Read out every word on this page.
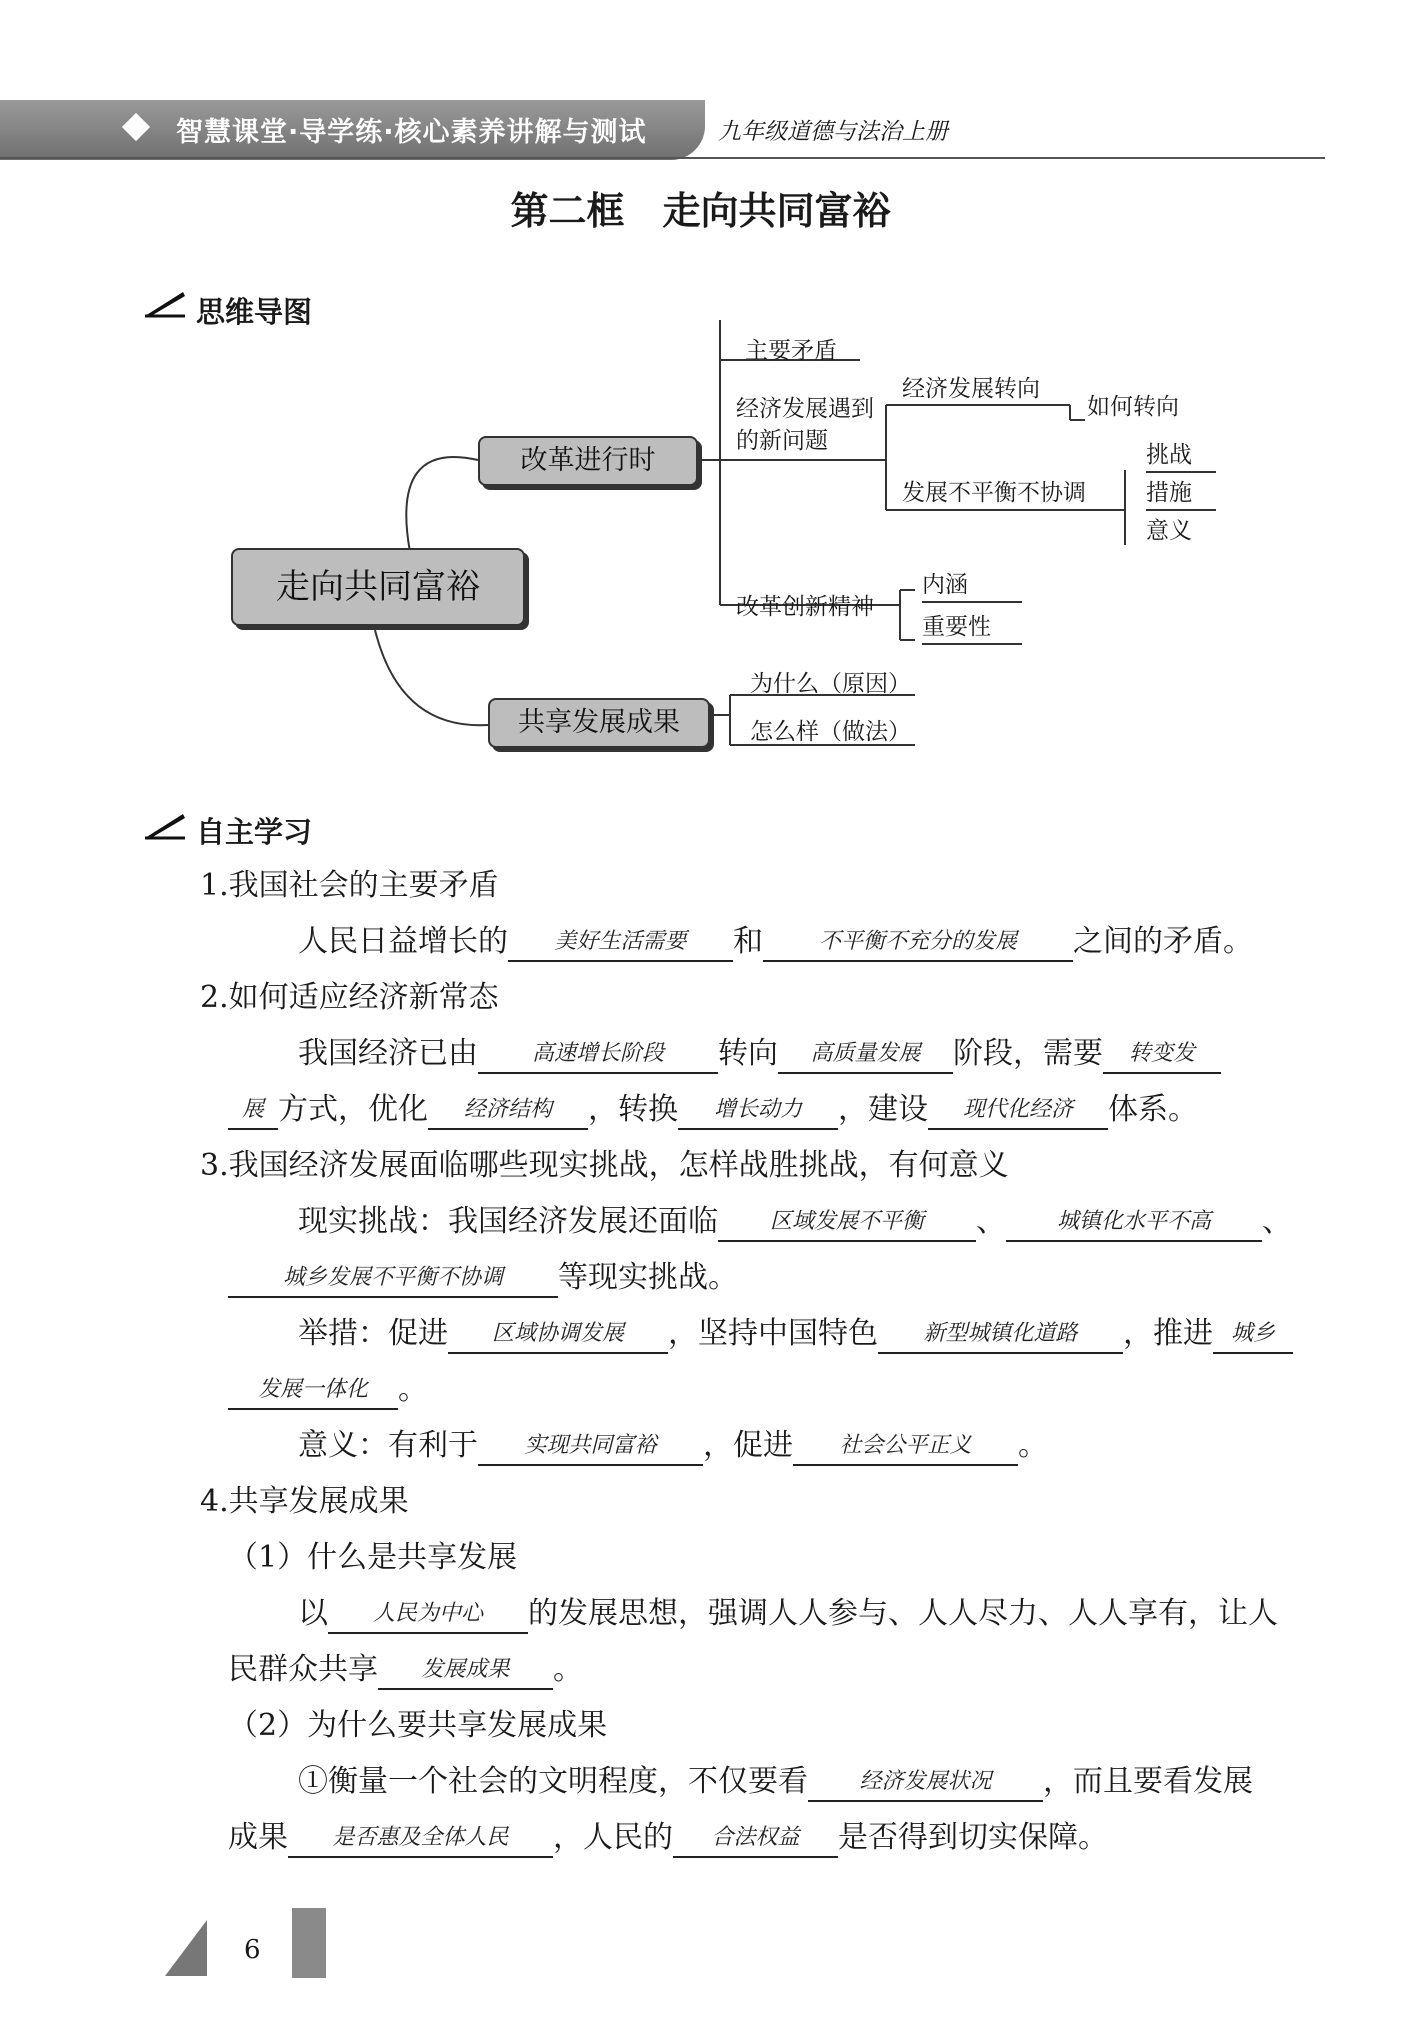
智慧课堂·导学练·核心素养讲解与测试	九年级道德与法治上册
第二框　走向共同富裕
思维导图
走向共同富裕
改革进行时
共享发展成果
主要矛盾
经济发展遇到的新问题
经济发展转向
如何转向
发展不平衡不协调
挑战
措施
意义
改革创新精神
内涵
重要性
为什么（原因）
怎么样（做法）
自主学习
1.我国社会的主要矛盾
人民日益增长的 美好生活需要 和	不平衡不充分的发展 之间的矛盾。
2.如何适应经济新常态
我国经济已由 高速增长阶段 转向 高质量发展 阶段，需要 转变发
展 方式，优化 经济结构 ，转换 增长动力 ，建设 现代化经济 体系。
3.我国经济发展面临哪些现实挑战，怎样战胜挑战，有何意义
现实挑战：我国经济发展还面临 区域发展不平衡 、 城镇化水平不高 、
城乡发展不平衡不协调 等现实挑战。
举措：促进 区域协调发展 ，坚持中国特色 新型城镇化道路 ，推进 城乡
发展一体化 。
意义：有利于 实现共同富裕 ，促进 社会公平正义 。
4.共享发展成果
（1）什么是共享发展
以 人民为中心 的发展思想，强调人人参与、人人尽力、人人享有，让人
民群众共享 发展成果 。
（2）为什么要共享发展成果
①衡量一个社会的文明程度，不仅要看 经济发展状况 ，而且要看发展
成果 是否惠及全体人民 ，人民的 合法权益 是否得到切实保障。
6
